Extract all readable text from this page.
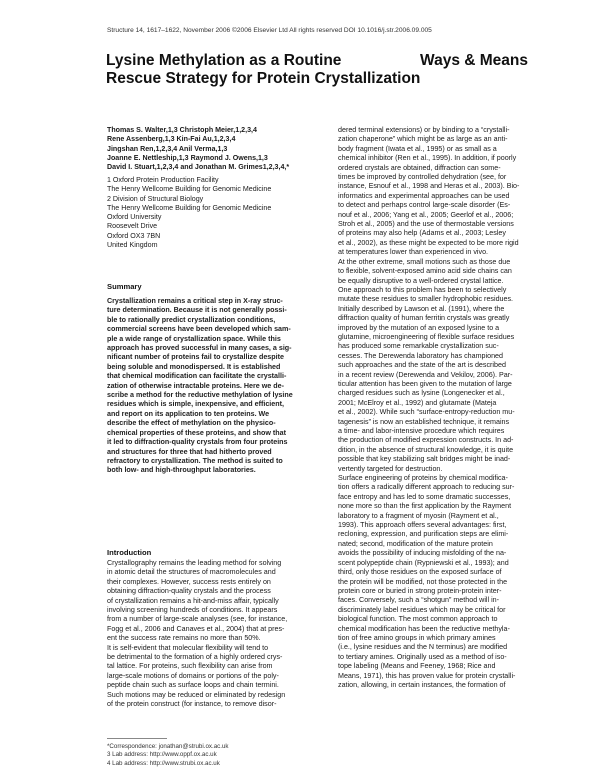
Structure 14, 1617–1622, November 2006 ©2006 Elsevier Ltd All rights reserved DOI 10.1016/j.str.2006.09.005
Lysine Methylation as a Routine
Rescue Strategy for Protein Crystallization
Ways & Means
Thomas S. Walter,1,3 Christoph Meier,1,2,3,4
Rene Assenberg,1,3 Kin-Fai Au,1,2,3,4
Jingshan Ren,1,2,3,4 Anil Verma,1,3
Joanne E. Nettleship,1,3 Raymond J. Owens,1,3
David I. Stuart,1,2,3,4 and Jonathan M. Grimes1,2,3,4,*
1 Oxford Protein Production Facility
The Henry Wellcome Building for Genomic Medicine
2 Division of Structural Biology
The Henry Wellcome Building for Genomic Medicine
Oxford University
Roosevelt Drive
Oxford OX3 7BN
United Kingdom
Summary
Crystallization remains a critical step in X-ray struc-
ture determination. Because it is not generally possi-
ble to rationally predict crystallization conditions,
commercial screens have been developed which sam-
ple a wide range of crystallization space. While this
approach has proved successful in many cases, a sig-
nificant number of proteins fail to crystallize despite
being soluble and monodispersed. It is established
that chemical modification can facilitate the crystalli-
zation of otherwise intractable proteins. Here we de-
scribe a method for the reductive methylation of lysine
residues which is simple, inexpensive, and efficient,
and report on its application to ten proteins. We
describe the effect of methylation on the physico-
chemical properties of these proteins, and show that
it led to diffraction-quality crystals from four proteins
and structures for three that had hitherto proved
refractory to crystallization. The method is suited to
both low- and high-throughput laboratories.
Introduction
Crystallography remains the leading method for solving
in atomic detail the structures of macromolecules and
their complexes. However, success rests entirely on
obtaining diffraction-quality crystals and the process
of crystallization remains a hit-and-miss affair, typically
involving screening hundreds of conditions. It appears
from a number of large-scale analyses (see, for instance,
Fogg et al., 2006 and Canaves et al., 2004) that at pres-
ent the success rate remains no more than 50%.
It is self-evident that molecular flexibility will tend to
be detrimental to the formation of a highly ordered crys-
tal lattice. For proteins, such flexibility can arise from
large-scale motions of domains or portions of the poly-
peptide chain such as surface loops and chain termini.
Such motions may be reduced or eliminated by redesign
of the protein construct (for instance, to remove disor-
dered terminal extensions) or by binding to a “crystalli-
zation chaperone” which might be as large as an anti-
body fragment (Iwata et al., 1995) or as small as a
chemical inhibitor (Ren et al., 1995). In addition, if poorly
ordered crystals are obtained, diffraction can some-
times be improved by controlled dehydration (see, for
instance, Esnouf et al., 1998 and Heras et al., 2003). Bio-
informatics and experimental approaches can be used
to detect and perhaps control large-scale disorder (Es-
nouf et al., 2006; Yang et al., 2005; Geerlof et al., 2006;
Stroh et al., 2005) and the use of thermostable versions
of proteins may also help (Adams et al., 2003; Lesley
et al., 2002), as these might be expected to be more rigid
at temperatures lower than experienced in vivo.
At the other extreme, small motions such as those due
to flexible, solvent-exposed amino acid side chains can
be equally disruptive to a well-ordered crystal lattice.
One approach to this problem has been to selectively
mutate these residues to smaller hydrophobic residues.
Initially described by Lawson et al. (1991), where the
diffraction quality of human ferritin crystals was greatly
improved by the mutation of an exposed lysine to a
glutamine, microengineering of flexible surface residues
has produced some remarkable crystallization suc-
cesses. The Derewenda laboratory has championed
such approaches and the state of the art is described
in a recent review (Derewenda and Vekilov, 2006). Par-
ticular attention has been given to the mutation of large
charged residues such as lysine (Longenecker et al.,
2001; McElroy et al., 1992) and glutamate (Mateja
et al., 2002). While such “surface-entropy-reduction mu-
tagenesis” is now an established technique, it remains
a time- and labor-intensive procedure which requires
the production of modified expression constructs. In ad-
dition, in the absence of structural knowledge, it is quite
possible that key stabilizing salt bridges might be inad-
vertently targeted for destruction.
Surface engineering of proteins by chemical modifica-
tion offers a radically different approach to reducing sur-
face entropy and has led to some dramatic successes,
none more so than the first application by the Rayment
laboratory to a fragment of myosin (Rayment et al.,
1993). This approach offers several advantages: first,
recloning, expression, and purification steps are elimi-
nated; second, modification of the mature protein
avoids the possibility of inducing misfolding of the na-
scent polypeptide chain (Rypniewski et al., 1993); and
third, only those residues on the exposed surface of
the protein will be modified, not those protected in the
protein core or buried in strong protein-protein inter-
faces. Conversely, such a “shotgun” method will in-
discriminately label residues which may be critical for
biological function. The most common approach to
chemical modification has been the reductive methyla-
tion of free amino groups in which primary amines
(i.e., lysine residues and the N terminus) are modified
to tertiary amines. Originally used as a method of iso-
tope labeling (Means and Feeney, 1968; Rice and
Means, 1971), this has proven value for protein crystalli-
zation, allowing, in certain instances, the formation of
*Correspondence: jonathan@strubi.ox.ac.uk
3 Lab address: http://www.oppf.ox.ac.uk
4 Lab address: http://www.strubi.ox.ac.uk
